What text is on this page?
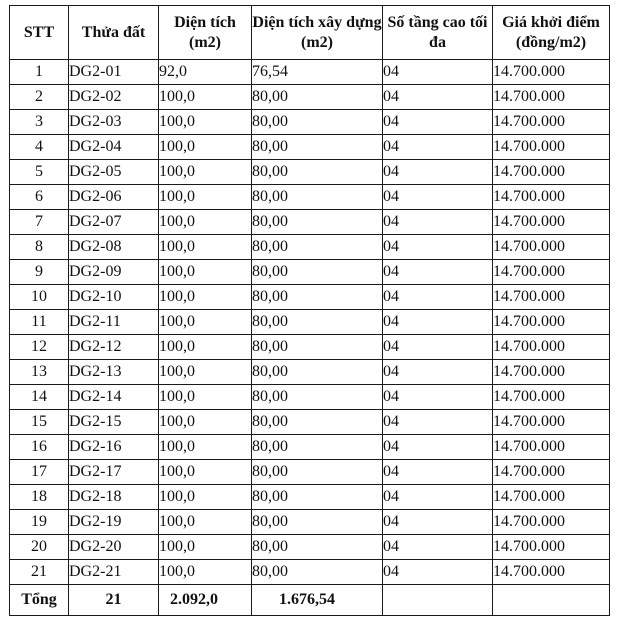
STT	Thửa đất	Diện tích (m2)	Diện tích xây dựng (m2)	Số tầng cao tối đa	Giá khởi điểm (đồng/m2)
1	DG2-01	92,0	76,54	04	14.700.000
2	DG2-02	100,0	80,00	04	14.700.000
3	DG2-03	100,0	80,00	04	14.700.000
4	DG2-04	100,0	80,00	04	14.700.000
5	DG2-05	100,0	80,00	04	14.700.000
6	DG2-06	100,0	80,00	04	14.700.000
7	DG2-07	100,0	80,00	04	14.700.000
8	DG2-08	100,0	80,00	04	14.700.000
9	DG2-09	100,0	80,00	04	14.700.000
10	DG2-10	100,0	80,00	04	14.700.000
11	DG2-11	100,0	80,00	04	14.700.000
12	DG2-12	100,0	80,00	04	14.700.000
13	DG2-13	100,0	80,00	04	14.700.000
14	DG2-14	100,0	80,00	04	14.700.000
15	DG2-15	100,0	80,00	04	14.700.000
16	DG2-16	100,0	80,00	04	14.700.000
17	DG2-17	100,0	80,00	04	14.700.000
18	DG2-18	100,0	80,00	04	14.700.000
19	DG2-19	100,0	80,00	04	14.700.000
20	DG2-20	100,0	80,00	04	14.700.000
21	DG2-21	100,0	80,00	04	14.700.000
Tổng	21	2.092,0	1.676,54		
